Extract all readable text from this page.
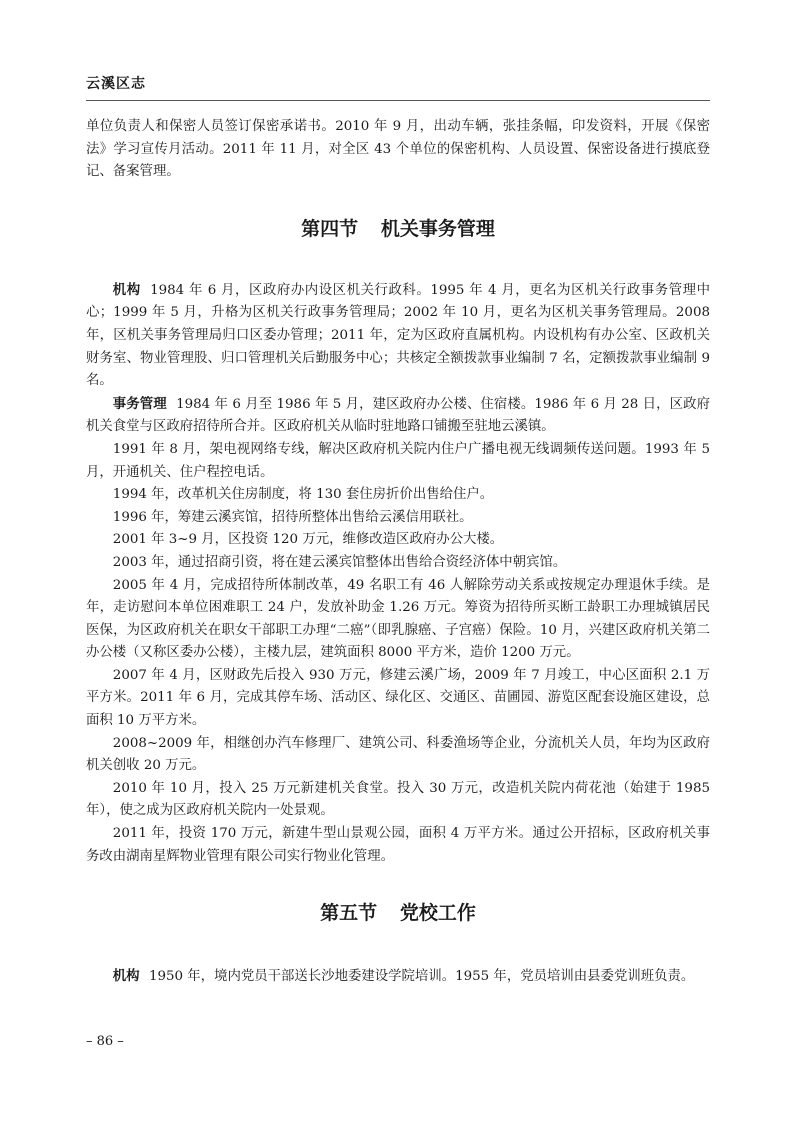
云溪区志

单位负责人和保密人员签订保密承诺书。2010 年 9 月，出动车辆，张挂条幅，印发资料，开展《保密法》学习宣传月活动。2011 年 11 月，对全区 43 个单位的保密机构、人员设置、保密设备进行摸底登记、备案管理。

第四节 机关事务管理

机构 1984 年 6 月，区政府办内设区机关行政科。1995 年 4 月，更名为区机关行政事务管理中心；1999 年 5 月，升格为区机关行政事务管理局；2002 年 10 月，更名为区机关事务管理局。2008 年，区机关事务管理局归口区委办管理；2011 年，定为区政府直属机构。内设机构有办公室、区政机关财务室、物业管理股、归口管理机关后勤服务中心；共核定全额拨款事业编制 7 名，定额拨款事业编制 9 名。

事务管理 1984 年 6 月至 1986 年 5 月，建区政府办公楼、住宿楼。1986 年 6 月 28 日，区政府机关食堂与区政府招待所合并。区政府机关从临时驻地路口铺搬至驻地云溪镇。

1991 年 8 月，架电视网络专线，解决区政府机关院内住户广播电视无线调频传送问题。1993 年 5 月，开通机关、住户程控电话。

1994 年，改革机关住房制度，将 130 套住房折价出售给住户。

1996 年，筹建云溪宾馆，招待所整体出售给云溪信用联社。

2001 年 3~9 月，区投资 120 万元，维修改造区政府办公大楼。

2003 年，通过招商引资，将在建云溪宾馆整体出售给合资经济体中朝宾馆。

2005 年 4 月，完成招待所体制改革，49 名职工有 46 人解除劳动关系或按规定办理退休手续。是年，走访慰问本单位困难职工 24 户，发放补助金 1.26 万元。筹资为招待所买断工龄职工办理城镇居民医保，为区政府机关在职女干部职工办理“二癌”（即乳腺癌、子宫癌）保险。10 月，兴建区政府机关第二办公楼（又称区委办公楼），主楼九层，建筑面积 8000 平方米，造价 1200 万元。

2007 年 4 月，区财政先后投入 930 万元，修建云溪广场，2009 年 7 月竣工，中心区面积 2.1 万平方米。2011 年 6 月，完成其停车场、活动区、绿化区、交通区、苗圃园、游览区配套设施区建设，总面积 10 万平方米。

2008~2009 年，相继创办汽车修理厂、建筑公司、科委渔场等企业，分流机关人员，年均为区政府机关创收 20 万元。

2010 年 10 月，投入 25 万元新建机关食堂。投入 30 万元，改造机关院内荷花池（始建于 1985 年），使之成为区政府机关院内一处景观。

2011 年，投资 170 万元，新建牛型山景观公园，面积 4 万平方米。通过公开招标，区政府机关事务改由湖南星辉物业管理有限公司实行物业化管理。

第五节 党校工作

机构 1950 年，境内党员干部送长沙地委建设学院培训。1955 年，党员培训由县委党训班负责。

– 86 –
